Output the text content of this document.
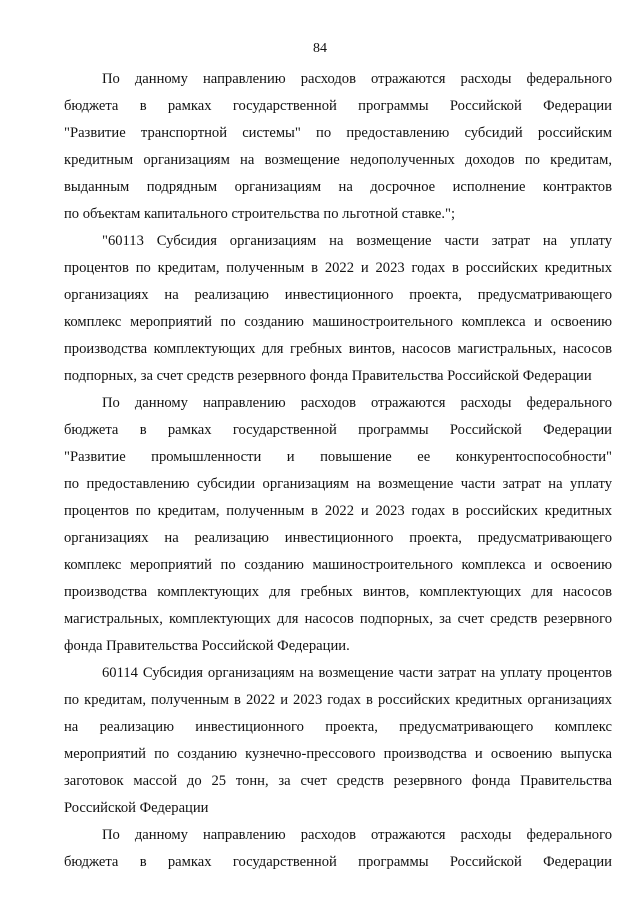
84
По данному направлению расходов отражаются расходы федерального
бюджета в рамках государственной программы Российской Федерации
"Развитие транспортной системы" по предоставлению субсидий российским
кредитным организациям на возмещение недополученных доходов по кредитам,
выданным подрядным организациям на досрочное исполнение контрактов
по объектам капитального строительства по льготной ставке.";
"60113 Субсидия организациям на возмещение части затрат на уплату
процентов по кредитам, полученным в 2022 и 2023 годах в российских кредитных
организациях на реализацию инвестиционного проекта, предусматривающего
комплекс мероприятий по созданию машиностроительного комплекса и освоению
производства комплектующих для гребных винтов, насосов магистральных, насосов
подпорных, за счет средств резервного фонда Правительства Российской Федерации
По данному направлению расходов отражаются расходы федерального
бюджета в рамках государственной программы Российской Федерации
"Развитие промышленности и повышение ее конкурентоспособности"
по предоставлению субсидии организациям на возмещение части затрат на уплату
процентов по кредитам, полученным в 2022 и 2023 годах в российских кредитных
организациях на реализацию инвестиционного проекта, предусматривающего
комплекс мероприятий по созданию машиностроительного комплекса и освоению
производства комплектующих для гребных винтов, комплектующих для насосов
магистральных, комплектующих для насосов подпорных, за счет средств резервного
фонда Правительства Российской Федерации.
60114 Субсидия организациям на возмещение части затрат на уплату процентов
по кредитам, полученным в 2022 и 2023 годах в российских кредитных организациях
на реализацию инвестиционного проекта, предусматривающего комплекс
мероприятий по созданию кузнечно-прессового производства и освоению выпуска
заготовок массой до 25 тонн, за счет средств резервного фонда Правительства
Российской Федерации
По данному направлению расходов отражаются расходы федерального
бюджета в рамках государственной программы Российской Федерации
